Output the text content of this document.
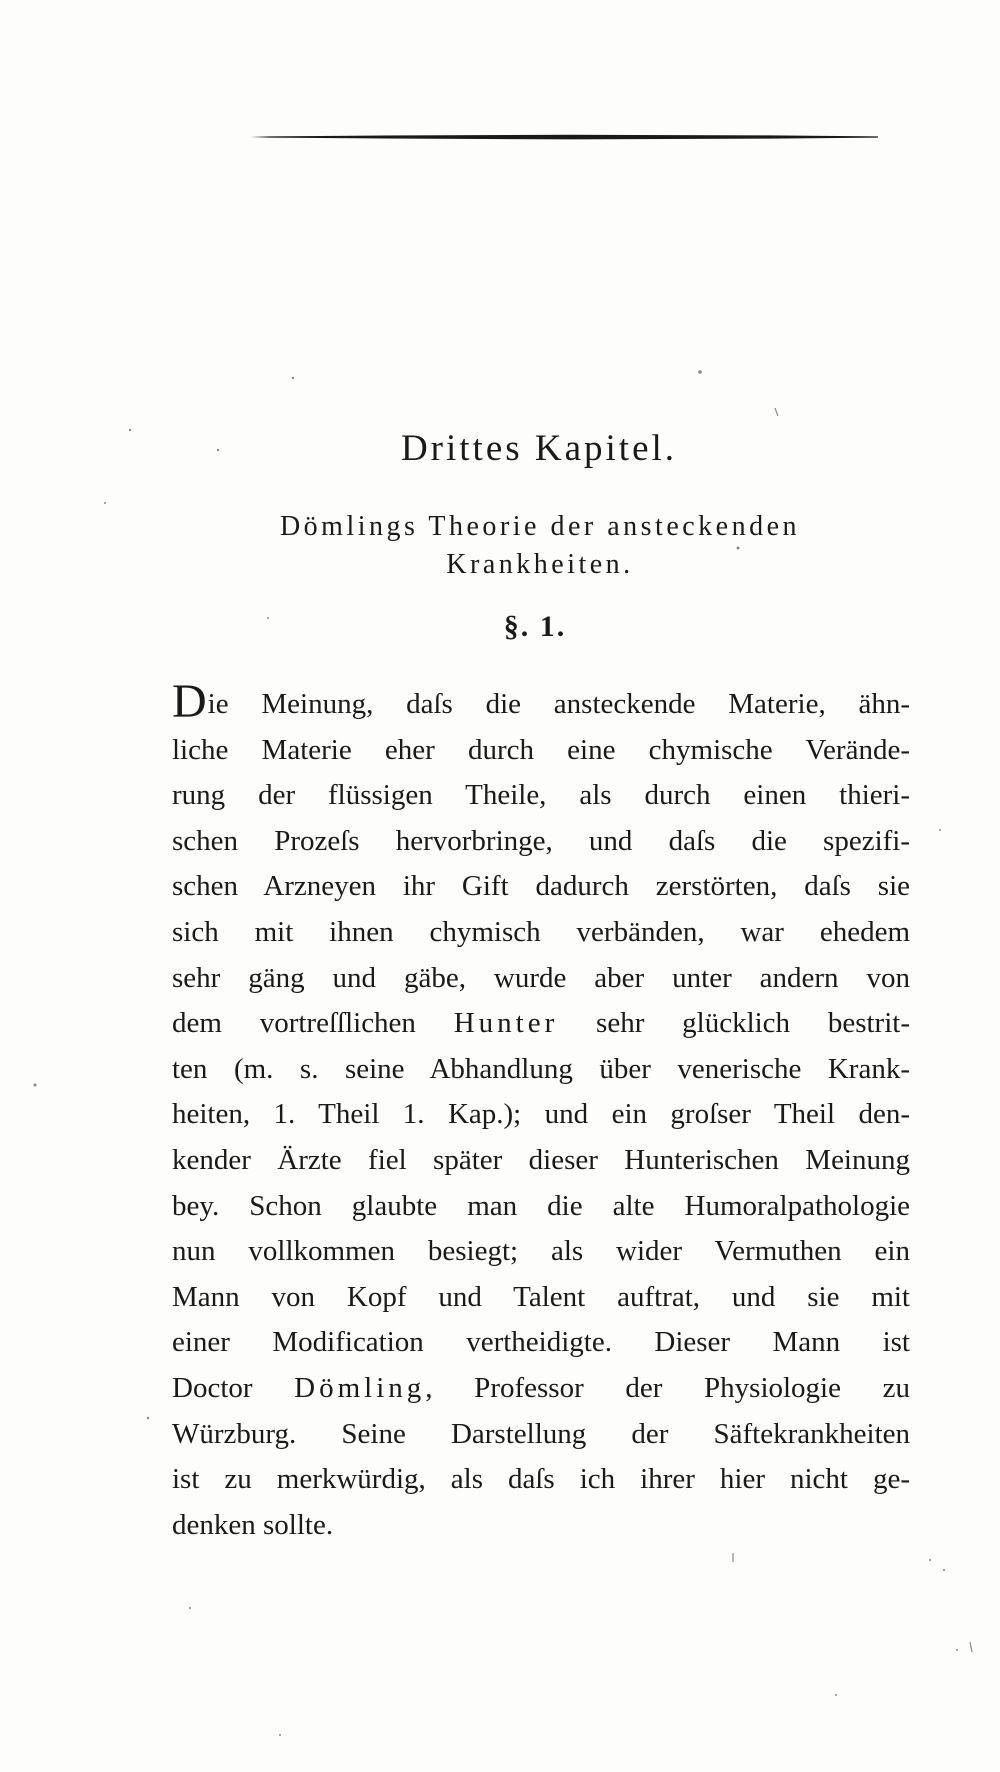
Drittes Kapitel.
Dömlings Theorie der ansteckenden
Krankheiten.
§. 1.
Die Meinung, daſs die ansteckende Materie, ähn-
liche Materie eher durch eine chymische Verände-
rung der flüssigen Theile, als durch einen thieri-
schen Prozeſs hervorbringe, und daſs die spezifi-
schen Arzneyen ihr Gift dadurch zerstörten, daſs sie
sich mit ihnen chymisch verbänden, war ehedem
sehr gäng und gäbe, wurde aber unter andern von
dem vortreſſlichen Hunter sehr glücklich bestrit-
ten (m. s. seine Abhandlung über venerische Krank-
heiten, 1. Theil 1. Kap.); und ein groſser Theil den-
kender Ärzte fiel später dieser Hunterischen Meinung
bey. Schon glaubte man die alte Humoralpathologie
nun vollkommen besiegt; als wider Vermuthen ein
Mann von Kopf und Talent auftrat, und sie mit
einer Modification vertheidigte. Dieser Mann ist
Doctor Dömling, Professor der Physiologie zu
Würzburg. Seine Darstellung der Säftekrankheiten
ist zu merkwürdig, als daſs ich ihrer hier nicht ge-
denken sollte.
